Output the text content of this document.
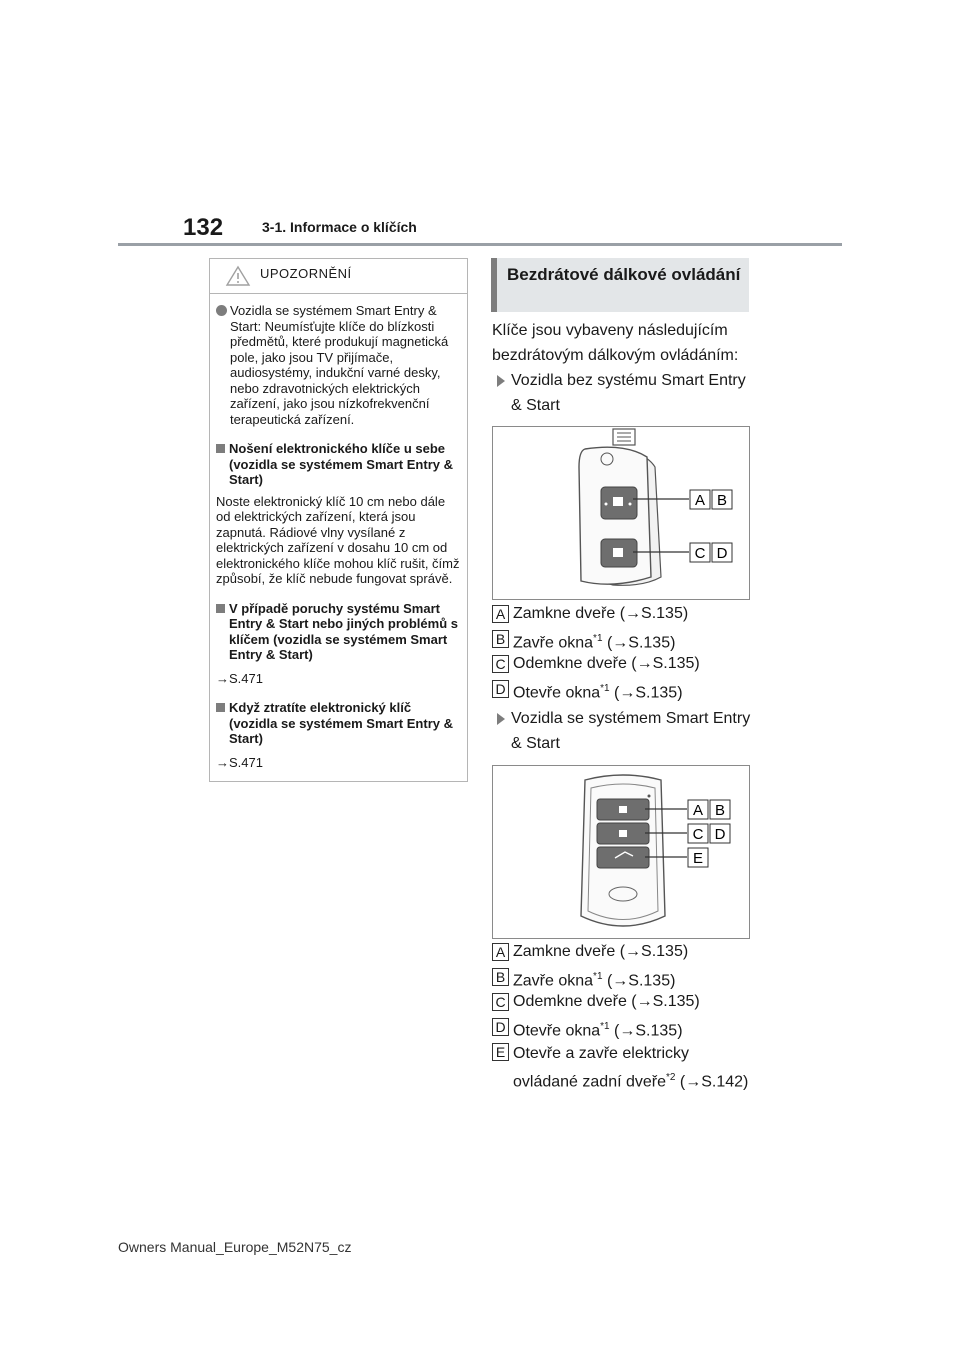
132	3-1. Informace o klíčích
UPOZORNĚNÍ
Vozidla se systémem Smart Entry & Start: Neumísťujte klíče do blízkosti předmětů, které produkují magnetická pole, jako jsou TV přijímače, audiosystémy, indukční varné desky, nebo zdravotnických elektrických zařízení, jako jsou nízkofrekvenční terapeutická zařízení.
Nošení elektronického klíče u sebe (vozidla se systémem Smart Entry & Start)
Noste elektronický klíč 10 cm nebo dále od elektrických zařízení, která jsou zapnutá. Rádiové vlny vysílané z elektrických zařízení v dosahu 10 cm od elektronického klíče mohou klíč rušit, čímž způsobí, že klíč nebude fungovat správě.
V případě poruchy systému Smart Entry & Start nebo jiných problémů s klíčem (vozidla se systémem Smart Entry & Start)
→S.471
Když ztratíte elektronický klíč (vozidla se systémem Smart Entry & Start)
→S.471
Bezdrátové dálkové ovládání
Klíče jsou vybaveny následujícím bezdrátovým dálkovým ovládáním:
Vozidla bez systému Smart Entry & Start
A B
C D
A Zamkne dveře (→S.135)
B Zavře okna$^{*1}$ (→S.135)
C Odemkne dveře (→S.135)
D Otevře okna$^{*1}$ (→S.135)
Vozidla se systémem Smart Entry & Start
A B
C D
E
A Zamkne dveře (→S.135)
B Zavře okna$^{*1}$ (→S.135)
C Odemkne dveře (→S.135)
D Otevře okna$^{*1}$ (→S.135)
E Otevře a zavře elektricky ovládané zadní dveře$^{*2}$ (→S.142)
Owners Manual_Europe_M52N75_cz
